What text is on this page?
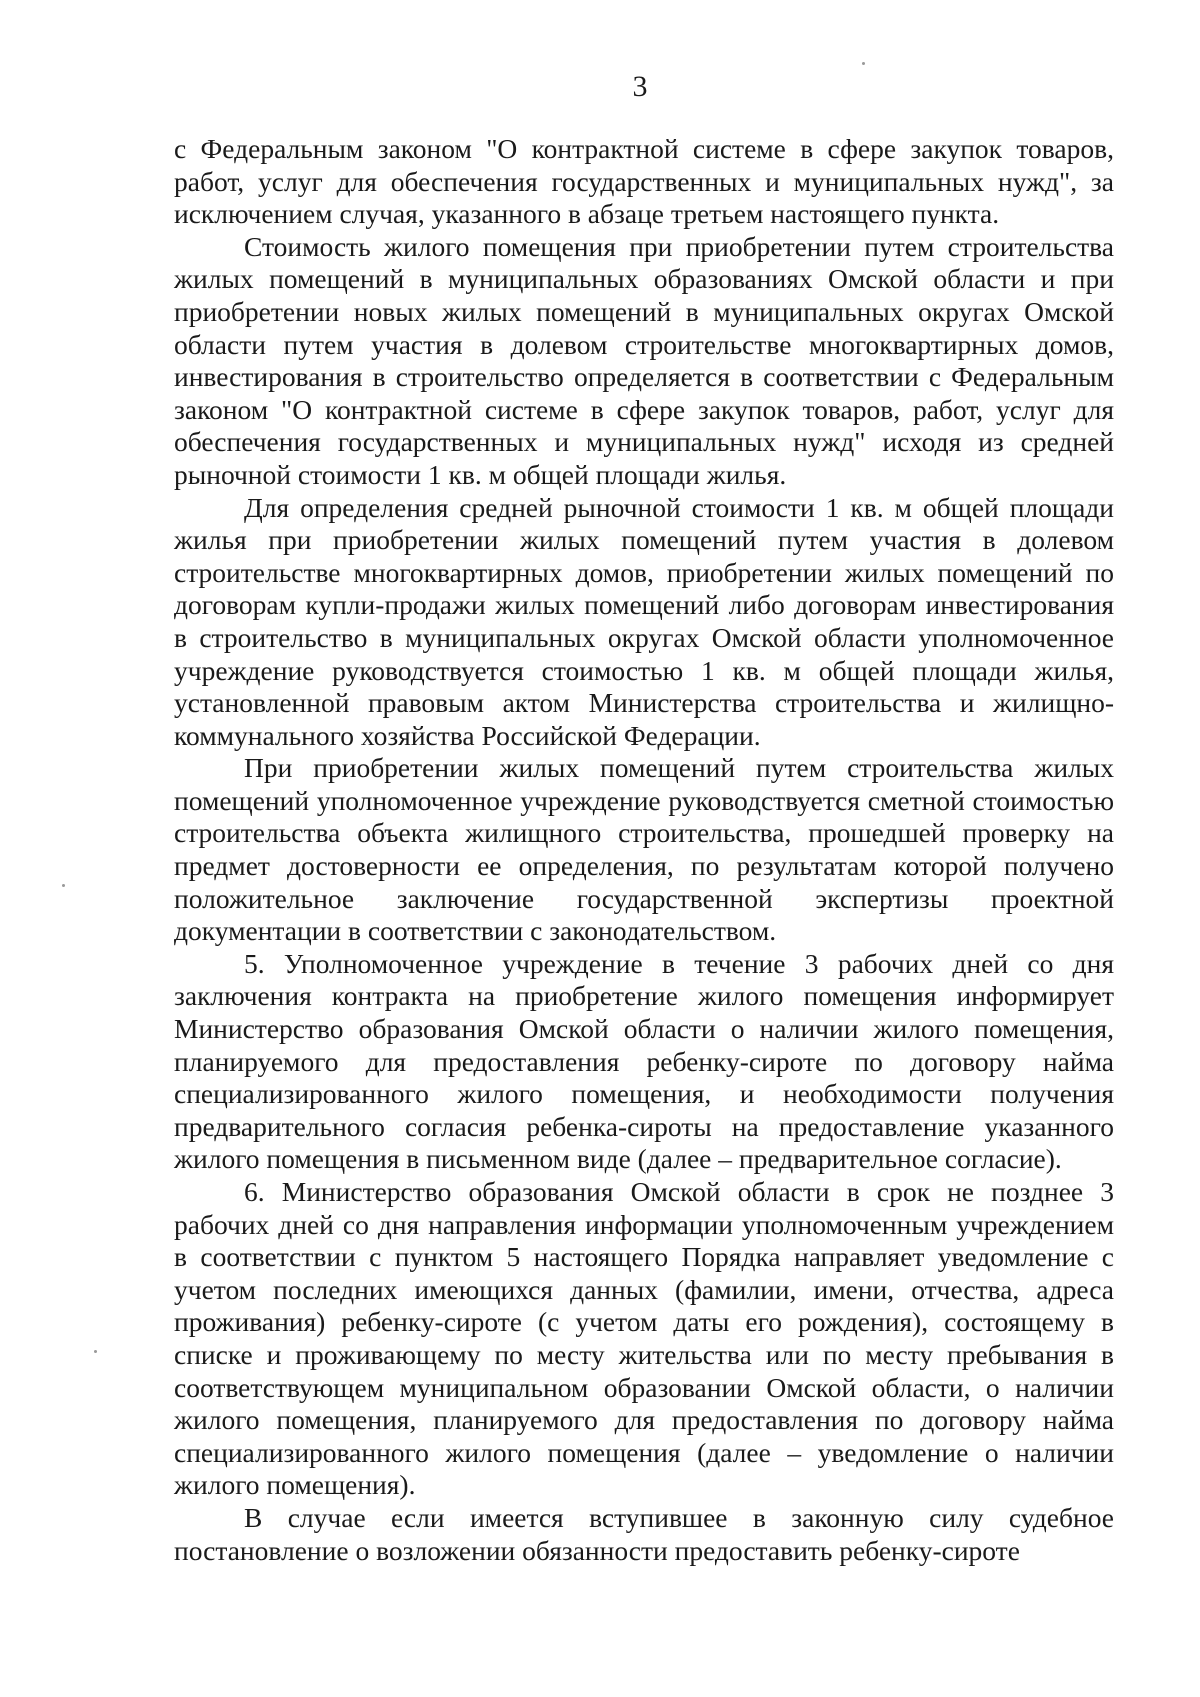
3

с Федеральным законом "О контрактной системе в сфере закупок товаров, работ, услуг для обеспечения государственных и муниципальных нужд", за исключением случая, указанного в абзаце третьем настоящего пункта.

Стоимость жилого помещения при приобретении путем строительства жилых помещений в муниципальных образованиях Омской области и при приобретении новых жилых помещений в муниципальных округах Омской области путем участия в долевом строительстве многоквартирных домов, инвестирования в строительство определяется в соответствии с Федеральным законом "О контрактной системе в сфере закупок товаров, работ, услуг для обеспечения государственных и муниципальных нужд" исходя из средней рыночной стоимости 1 кв. м общей площади жилья.

Для определения средней рыночной стоимости 1 кв. м общей площади жилья при приобретении жилых помещений путем участия в долевом строительстве многоквартирных домов, приобретении жилых помещений по договорам купли-продажи жилых помещений либо договорам инвестирования в строительство в муниципальных округах Омской области уполномоченное учреждение руководствуется стоимостью 1 кв. м общей площади жилья, установленной правовым актом Министерства строительства и жилищно-коммунального хозяйства Российской Федерации.

При приобретении жилых помещений путем строительства жилых помещений уполномоченное учреждение руководствуется сметной стоимостью строительства объекта жилищного строительства, прошедшей проверку на предмет достоверности ее определения, по результатам которой получено положительное заключение государственной экспертизы проектной документации в соответствии с законодательством.

5. Уполномоченное учреждение в течение 3 рабочих дней со дня заключения контракта на приобретение жилого помещения информирует Министерство образования Омской области о наличии жилого помещения, планируемого для предоставления ребенку-сироте по договору найма специализированного жилого помещения, и необходимости получения предварительного согласия ребенка-сироты на предоставление указанного жилого помещения в письменном виде (далее – предварительное согласие).

6. Министерство образования Омской области в срок не позднее 3 рабочих дней со дня направления информации уполномоченным учреждением в соответствии с пунктом 5 настоящего Порядка направляет уведомление с учетом последних имеющихся данных (фамилии, имени, отчества, адреса проживания) ребенку-сироте (с учетом даты его рождения), состоящему в списке и проживающему по месту жительства или по месту пребывания в соответствующем муниципальном образовании Омской области, о наличии жилого помещения, планируемого для предоставления по договору найма специализированного жилого помещения (далее – уведомление о наличии жилого помещения).

В случае если имеется вступившее в законную силу судебное постановление о возложении обязанности предоставить ребенку-сироте
